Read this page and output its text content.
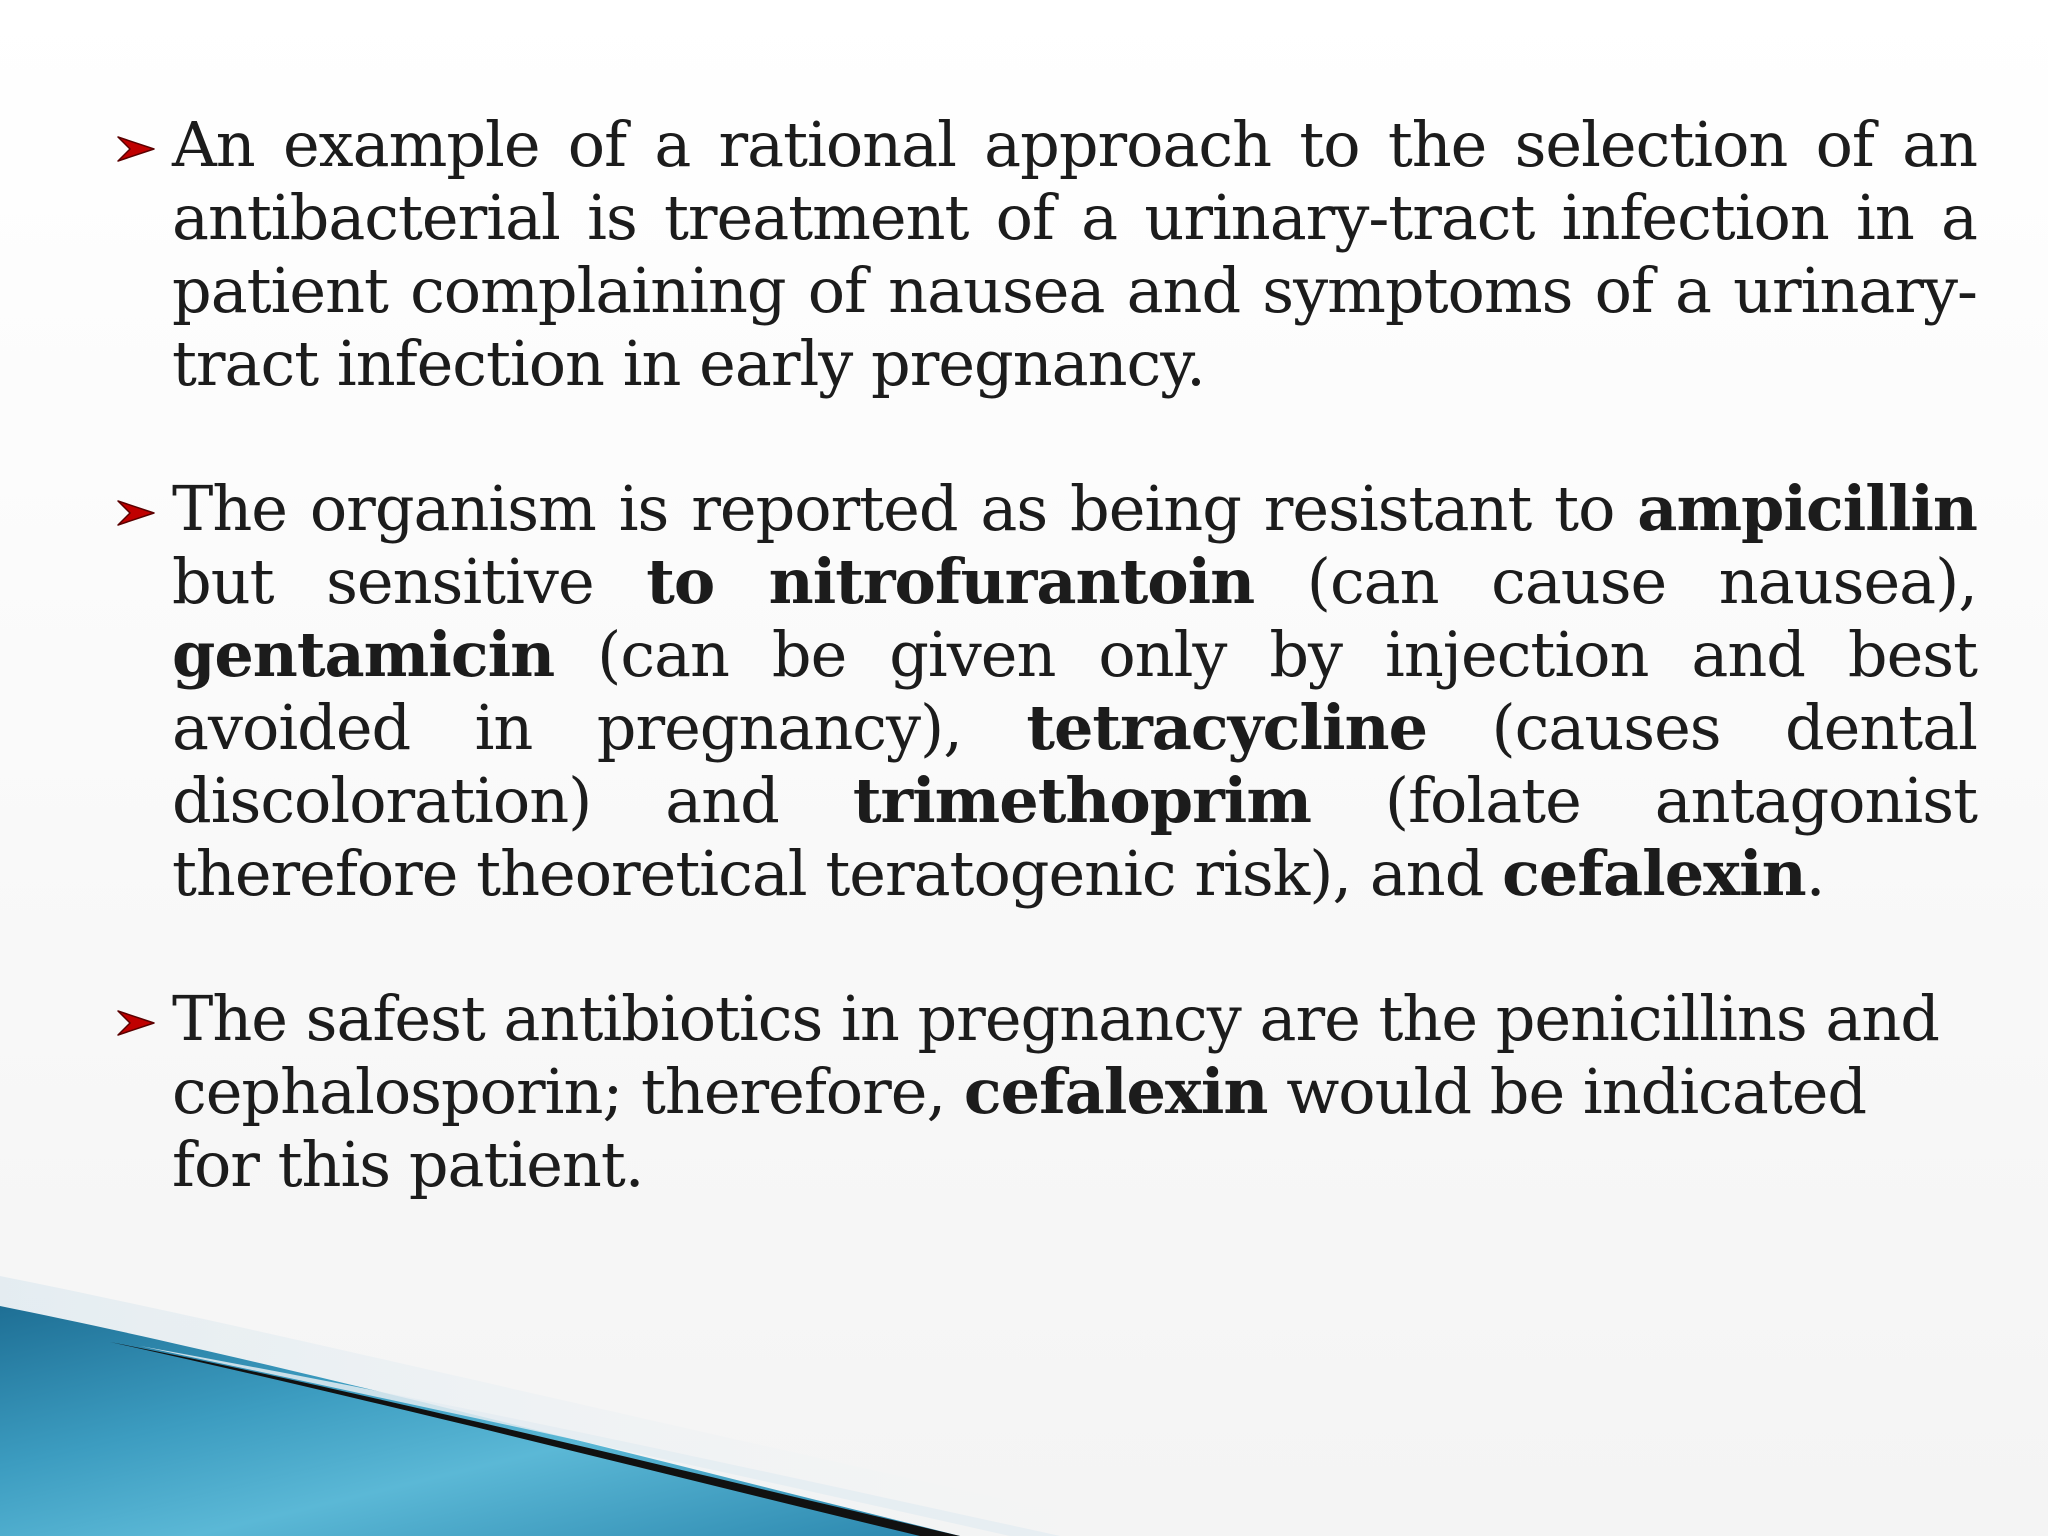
An example of a rational approach to the selection of an antibacterial is treatment of a urinary-tract infection in a patient complaining of nausea and symptoms of a urinary-tract infection in early pregnancy.
The organism is reported as being resistant to ampicillin but sensitive to nitrofurantoin (can cause nausea), gentamicin (can be given only by injection and best avoided in pregnancy), tetracycline (causes dental discoloration) and trimethoprim (folate antagonist therefore theoretical teratogenic risk), and cefalexin.
The safest antibiotics in pregnancy are the penicillins and cephalosporin; therefore, cefalexin would be indicated for this patient.
